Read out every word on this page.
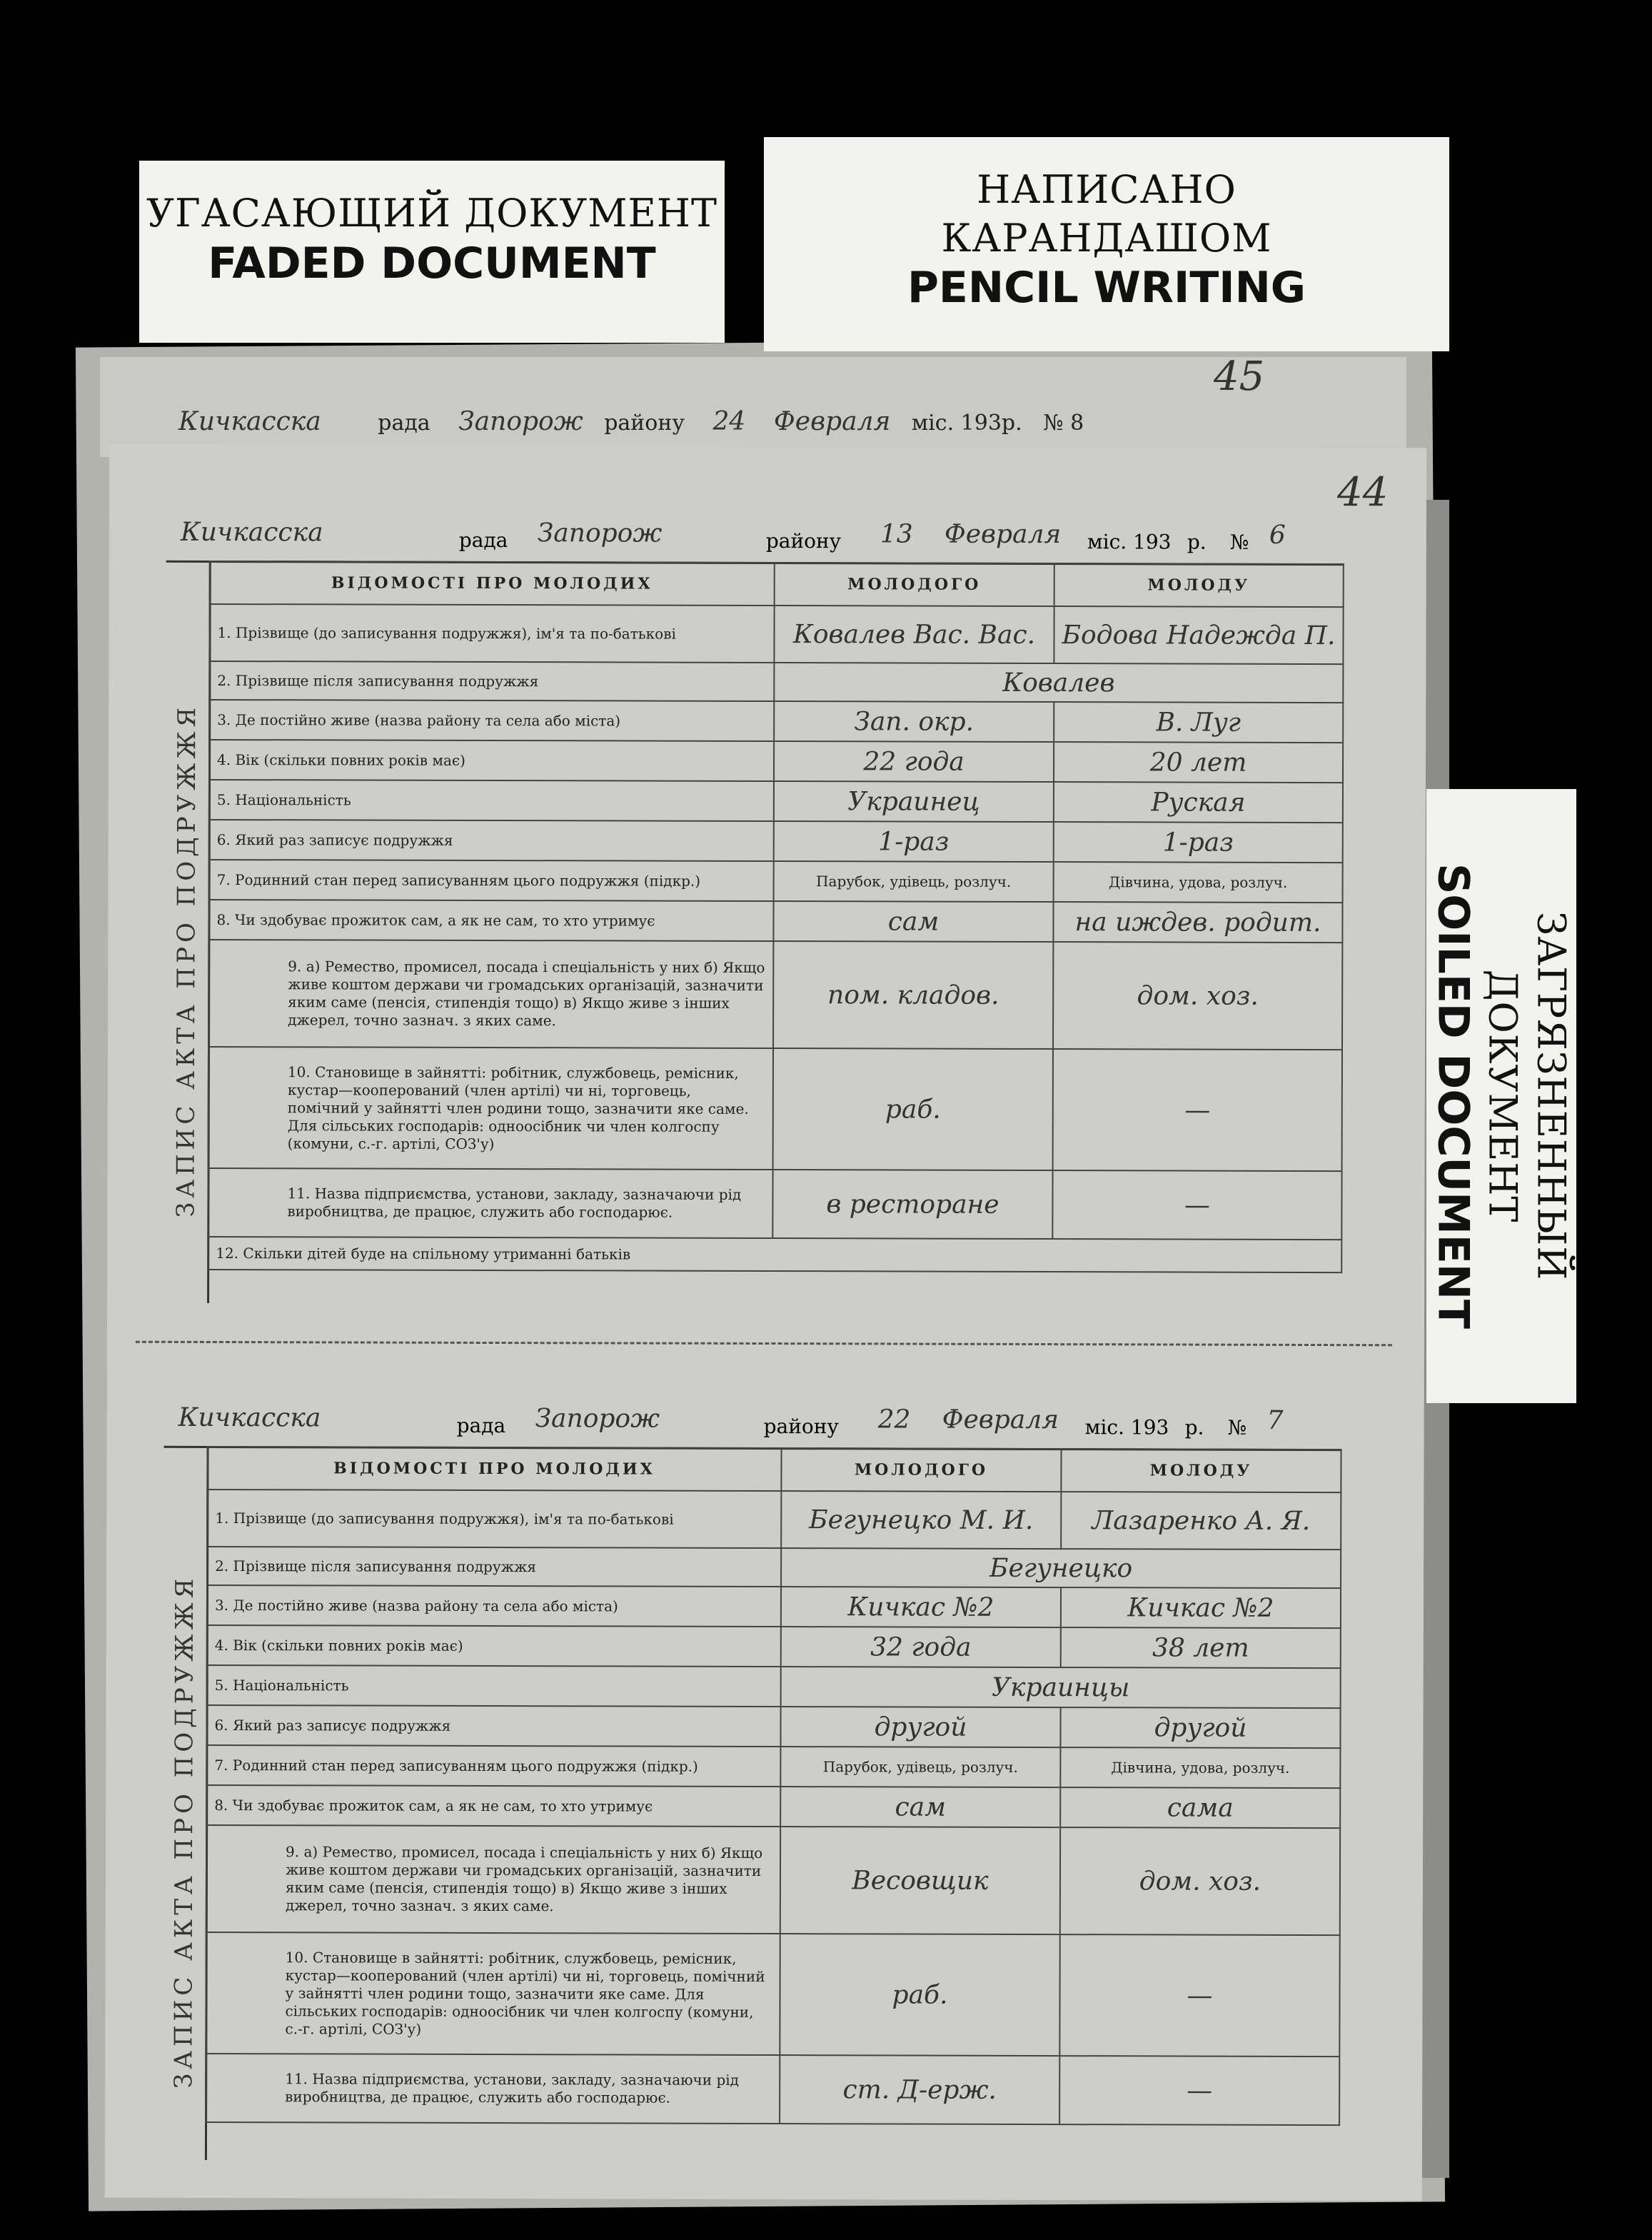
Кичкасска	рада Запорож району 24 Февраля міс. 193р. № 8
45
44
Кичкасска	рада Запорож	району 13 Февраля міс. 193 р. № 6
ЗАПИС АКТА ПРО ПОДРУЖЖЯ
ВІДОМОСТІ ПРО МОЛОДИХ	МОЛОДОГО	МОЛОДУ
1. Прізвище (до записування подружжя), ім'я та по-батькові	Ковалев Вас. Вас.	Бодова Надежда П.
2. Прізвище після записування подружжя	Ковалев	
3. Де постійно живе (назва району та села або міста)	Зап. окр.	В. Луг
4. Вік (скільки повних років має)	22 года	20 лет
5. Національність	Украинец	Руская
6. Який раз записує подружжя	1-раз	1-раз
7. Родинний стан перед записуванням цього подружжя (підкр.)	Парубок, удівець, розлуч.	Дівчина, удова, розлуч.
8. Чи здобуває прожиток сам, а як не сам, то хто утримує	сам	на иждев. родит.
9. а) Ремество, промисел, посада і спеціальність у них б) Якщо живе коштом держави чи громадських організацій, зазначити яким саме (пенсія, стипендія тощо) в) Якщо живе з інших джерел, точно зазнач. з яких саме.	пом. кладов.	дом. хоз.
10. Становище в зайнятті: робітник, службовець, ремісник, кустар—кооперований (член артілі) чи ні, торговець, помічний у зайнятті член родини тощо, зазначити яке саме. Для сільських господарів: одноосібник чи член колгоспу (комуни, с.-г. артілі, СОЗ'у)	раб.	—
11. Назва підприємства, установи, закладу, зазначаючи рід виробництва, де працює, служить або господарює.	в ресторане	—
12. Скільки дітей буде на спільному утриманні батьків		
Кичкасска	рада Запорож	району 22 Февраля міс. 193 р. № 7
ЗАПИС АКТА ПРО ПОДРУЖЖЯ
ВІДОМОСТІ ПРО МОЛОДИХ	МОЛОДОГО	МОЛОДУ
1. Прізвище (до записування подружжя), ім'я та по-батькові	Бегунецко М. И.	Лазаренко А. Я.
2. Прізвище після записування подружжя	Бегунецко	
3. Де постійно живе (назва району та села або міста)	Кичкас №2	Кичкас №2
4. Вік (скільки повних років має)	32 года	38 лет
5. Національність	Украинцы	
6. Який раз записує подружжя	другой	другой
7. Родинний стан перед записуванням цього подружжя (підкр.)	Парубок, удівець, розлуч.	Дівчина, удова, розлуч.
8. Чи здобуває прожиток сам, а як не сам, то хто утримує	сам	сама
9. а) Ремество, промисел, посада і спеціальність у них б) Якщо живе коштом держави чи громадських організацій, зазначити яким саме (пенсія, стипендія тощо) в) Якщо живе з інших джерел, точно зазнач. з яких саме.	Весовщик	дом. хоз.
10. Становище в зайнятті: робітник, службовець, ремісник, кустар—кооперований (член артілі) чи ні, торговець, помічний у зайнятті член родини тощо, зазначити яке саме. Для сільських господарів: одноосібник чи член колгоспу (комуни, с.-г. артілі, СОЗ'у)	раб.	—
11. Назва підприємства, установи, закладу, зазначаючи рід виробництва, де працює, служить або господарює.	ст. Д-ерж.	—
УГАСАЮЩИЙ ДОКУМЕНТ
FADED DOCUMENT
НАПИСАНО
КАРАНДАШОМ
PENCIL WRITING
ЗАГРЯЗНЕННЫЙ ДОКУМЕНТ
SOILED DOCUMENT
